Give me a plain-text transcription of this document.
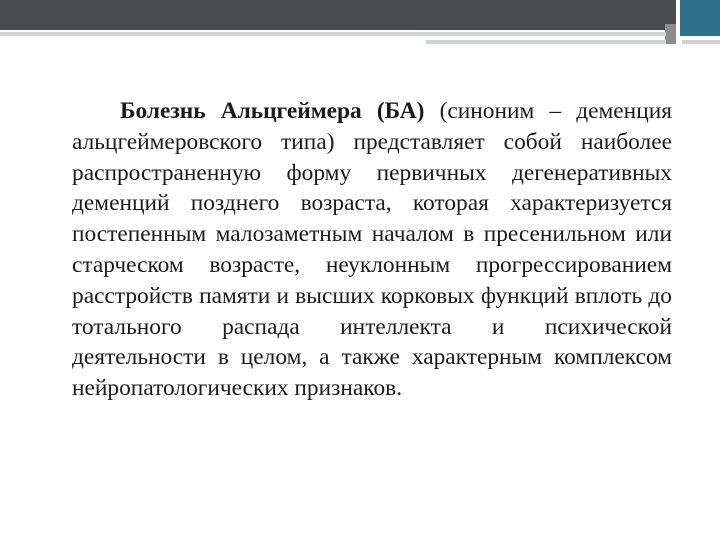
Болезнь Альцгеймера (БА) (синоним – деменция альцгеймеровского типа) представляет собой наиболее распространенную форму первичных дегенеративных деменций позднего возраста, которая характеризуется постепенным малозаметным началом в пресенильном или старческом возрасте, неуклонным прогрессированием расстройств памяти и высших корковых функций вплоть до тотального распада интеллекта и психической деятельности в целом, а также характерным комплексом нейропатологических признаков.
